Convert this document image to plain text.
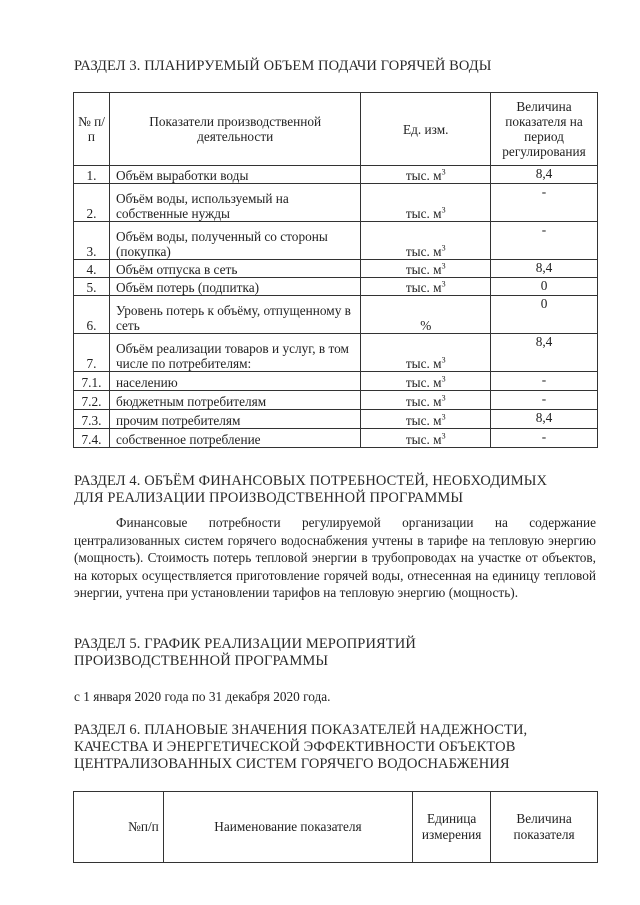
РАЗДЕЛ 3. ПЛАНИРУЕМЫЙ ОБЪЕМ ПОДАЧИ ГОРЯЧЕЙ ВОДЫ
№ п/п	Показатели производственной деятельности	Ед. изм.	Величина показателя на период регулирования
1.	Объём выработки воды	тыс. $м^3$	8,4
2.	Объём воды, используемый на собственные нужды	тыс. $м^3$	-
3.	Объём воды, полученный со стороны (покупка)	тыс. $м^3$	-
4.	Объём отпуска в сеть	тыс. $м^3$	8,4
5.	Объём потерь (подпитка)	тыс. $м^3$	0
6.	Уровень потерь к объёму, отпущенному в сеть	%	0
7.	Объём реализации товаров и услуг, в том числе по потребителям:	тыс. $м^3$	8,4
7.1.	населению	тыс. $м^3$	-
7.2.	бюджетным потребителям	тыс. $м^3$	-
7.3.	прочим потребителям	тыс. $м^3$	8,4
7.4.	собственное потребление	тыс. $м^3$	-
РАЗДЕЛ 4. ОБЪЁМ ФИНАНСОВЫХ ПОТРЕБНОСТЕЙ, НЕОБХОДИМЫХ
ДЛЯ РЕАЛИЗАЦИИ ПРОИЗВОДСТВЕННОЙ ПРОГРАММЫ
Финансовые потребности регулируемой организации на содержание централизованных систем горячего водоснабжения учтены в тарифе на тепловую энергию (мощность). Стоимость потерь тепловой энергии в трубопроводах на участке от объектов, на которых осуществляется приготовление горячей воды, отнесенная на единицу тепловой энергии, учтена при установлении тарифов на тепловую энергию (мощность).
РАЗДЕЛ 5. ГРАФИК РЕАЛИЗАЦИИ МЕРОПРИЯТИЙ
ПРОИЗВОДСТВЕННОЙ ПРОГРАММЫ
с 1 января 2020 года по 31 декабря 2020 года.
РАЗДЕЛ 6. ПЛАНОВЫЕ ЗНАЧЕНИЯ ПОКАЗАТЕЛЕЙ НАДЕЖНОСТИ,
КАЧЕСТВА И ЭНЕРГЕТИЧЕСКОЙ ЭФФЕКТИВНОСТИ ОБЪЕКТОВ
ЦЕНТРАЛИЗОВАННЫХ СИСТЕМ ГОРЯЧЕГО ВОДОСНАБЖЕНИЯ
№п/п	Наименование показателя	Единица измерения	Величина показателя
